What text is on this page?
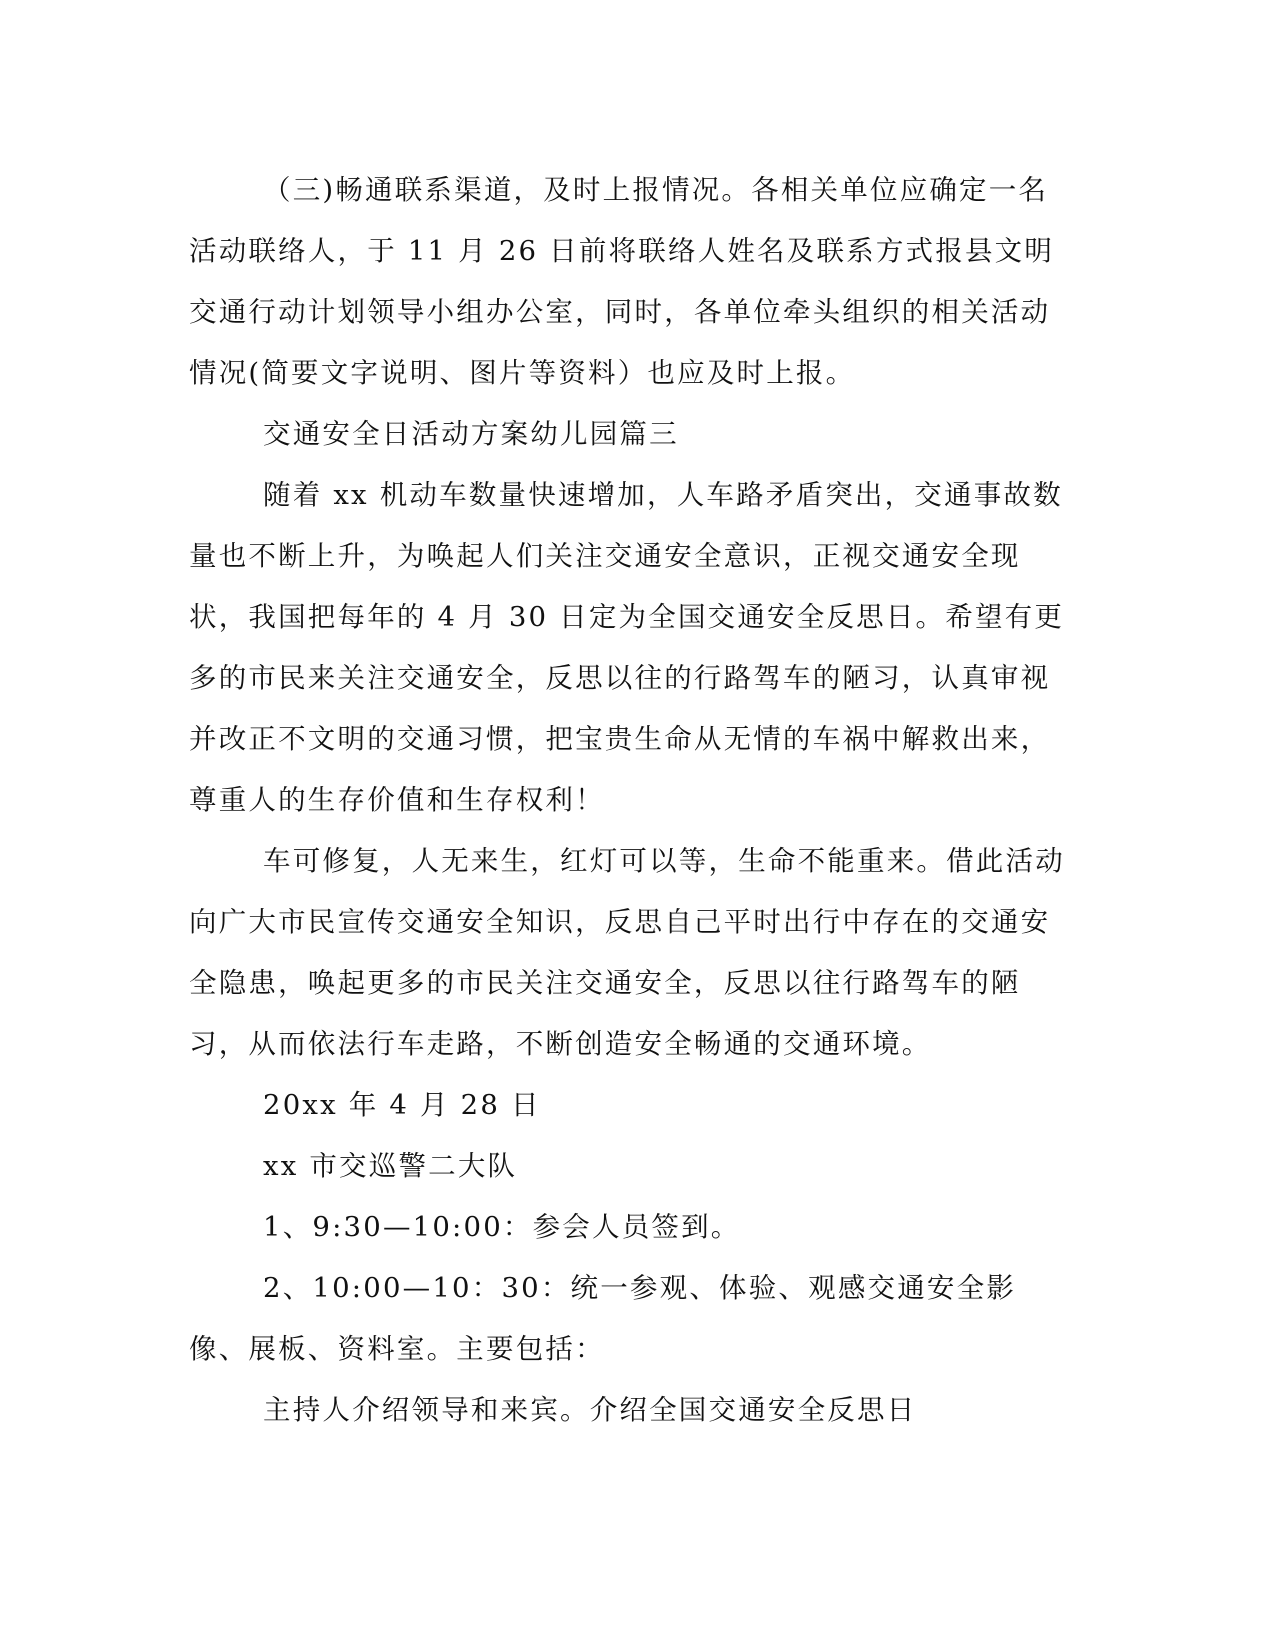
（三)畅通联系渠道，及时上报情况。各相关单位应确定一名活动联络人，于 11 月 26 日前将联络人姓名及联系方式报县文明交通行动计划领导小组办公室，同时，各单位牵头组织的相关活动情况(简要文字说明、图片等资料）也应及时上报。

交通安全日活动方案幼儿园篇三

随着 xx 机动车数量快速增加，人车路矛盾突出，交通事故数量也不断上升，为唤起人们关注交通安全意识，正视交通安全现状，我国把每年的 4 月 30 日定为全国交通安全反思日。希望有更多的市民来关注交通安全，反思以往的行路驾车的陋习，认真审视并改正不文明的交通习惯，把宝贵生命从无情的车祸中解救出来，尊重人的生存价值和生存权利！

车可修复，人无来生，红灯可以等，生命不能重来。借此活动向广大市民宣传交通安全知识，反思自己平时出行中存在的交通安全隐患，唤起更多的市民关注交通安全，反思以往行路驾车的陋习，从而依法行车走路，不断创造安全畅通的交通环境。

20xx 年 4 月 28 日

xx 市交巡警二大队

1、9:30—10:00：参会人员签到。

2、10:00—10：30：统一参观、体验、观感交通安全影像、展板、资料室。主要包括：

主持人介绍领导和来宾。介绍全国交通安全反思日
